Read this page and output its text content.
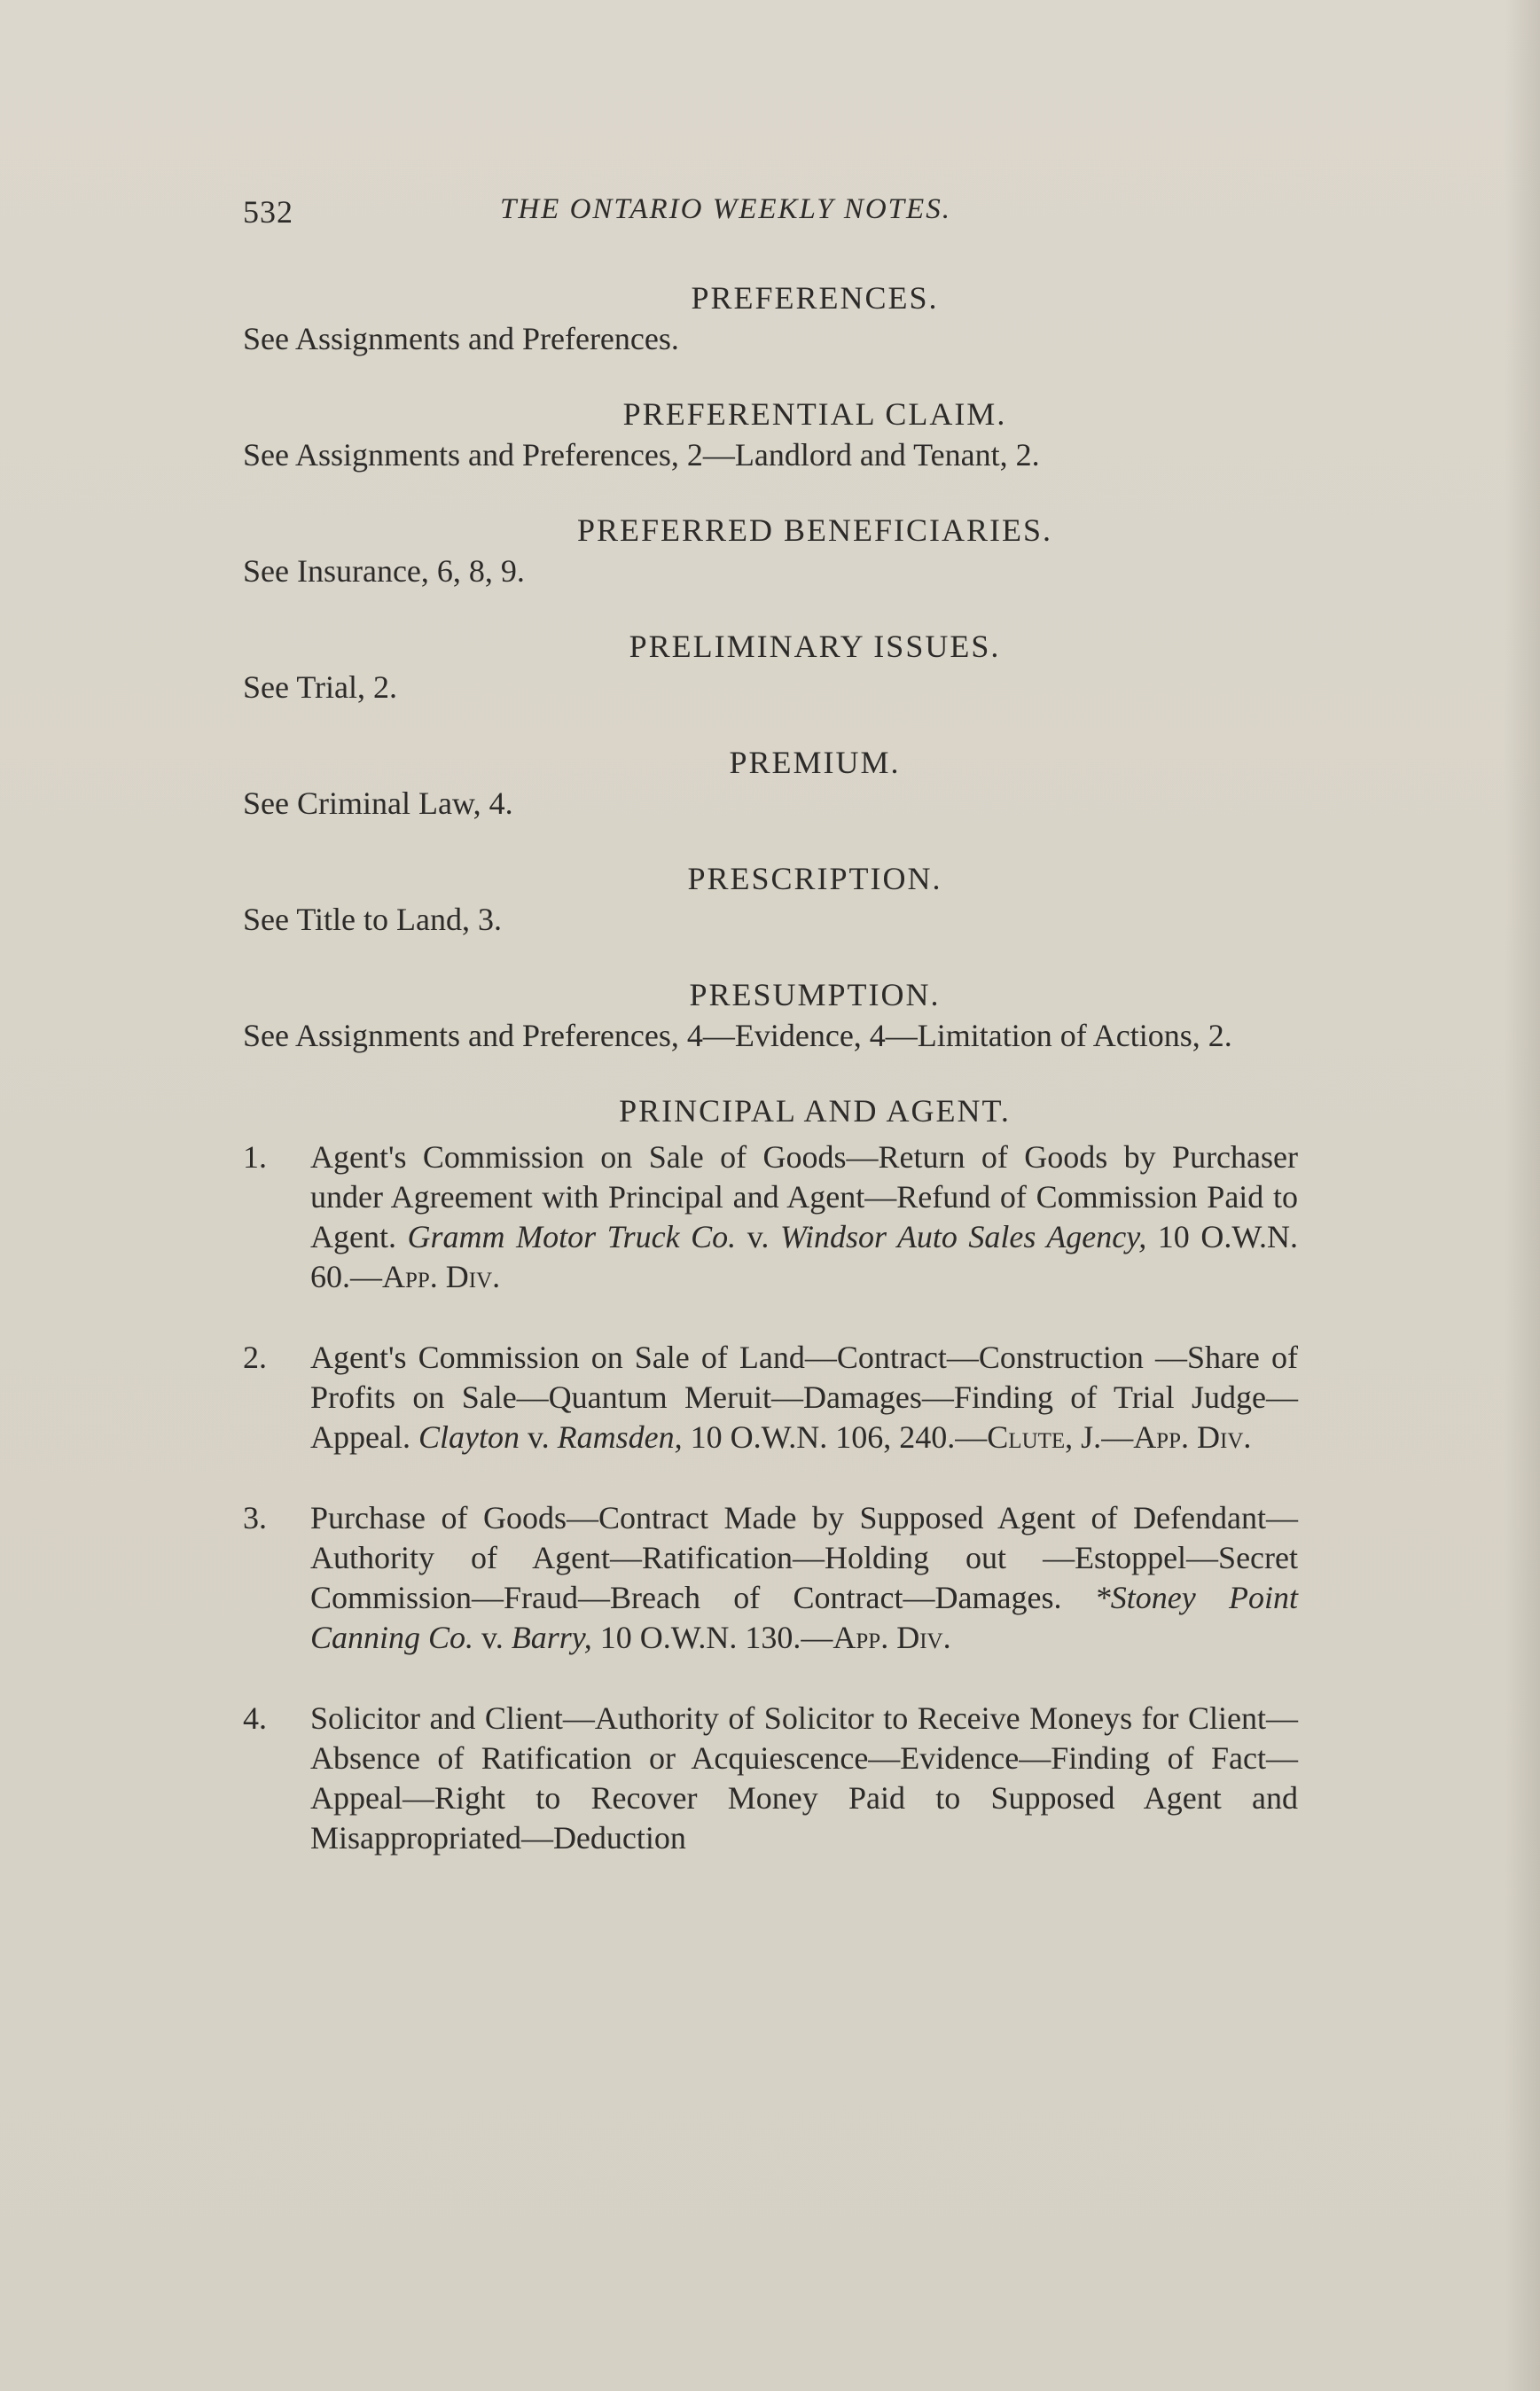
532	THE ONTARIO WEEKLY NOTES.
PREFERENCES.
See Assignments and Preferences.
PREFERENTIAL CLAIM.
See Assignments and Preferences, 2—Landlord and Tenant, 2.
PREFERRED BENEFICIARIES.
See Insurance, 6, 8, 9.
PRELIMINARY ISSUES.
See Trial, 2.
PREMIUM.
See Criminal Law, 4.
PRESCRIPTION.
See Title to Land, 3.
PRESUMPTION.
See Assignments and Preferences, 4—Evidence, 4—Limitation of Actions, 2.
PRINCIPAL AND AGENT.
1.	Agent's Commission on Sale of Goods—Return of Goods by Purchaser under Agreement with Principal and Agent—Refund of Commission Paid to Agent. Gramm Motor Truck Co. v. Windsor Auto Sales Agency, 10 O.W.N. 60.—App. Div.
2.	Agent's Commission on Sale of Land—Contract—Construction —Share of Profits on Sale—Quantum Meruit—Damages—Finding of Trial Judge—Appeal. Clayton v. Ramsden, 10 O.W.N. 106, 240.—Clute, J.—App. Div.
3.	Purchase of Goods—Contract Made by Supposed Agent of Defendant—Authority of Agent—Ratification—Holding out —Estoppel—Secret Commission—Fraud—Breach of Contract—Damages. *Stoney Point Canning Co. v. Barry, 10 O.W.N. 130.—App. Div.
4.	Solicitor and Client—Authority of Solicitor to Receive Moneys for Client—Absence of Ratification or Acquiescence—Evidence—Finding of Fact—Appeal—Right to Recover Money Paid to Supposed Agent and Misappropriated—Deduction
